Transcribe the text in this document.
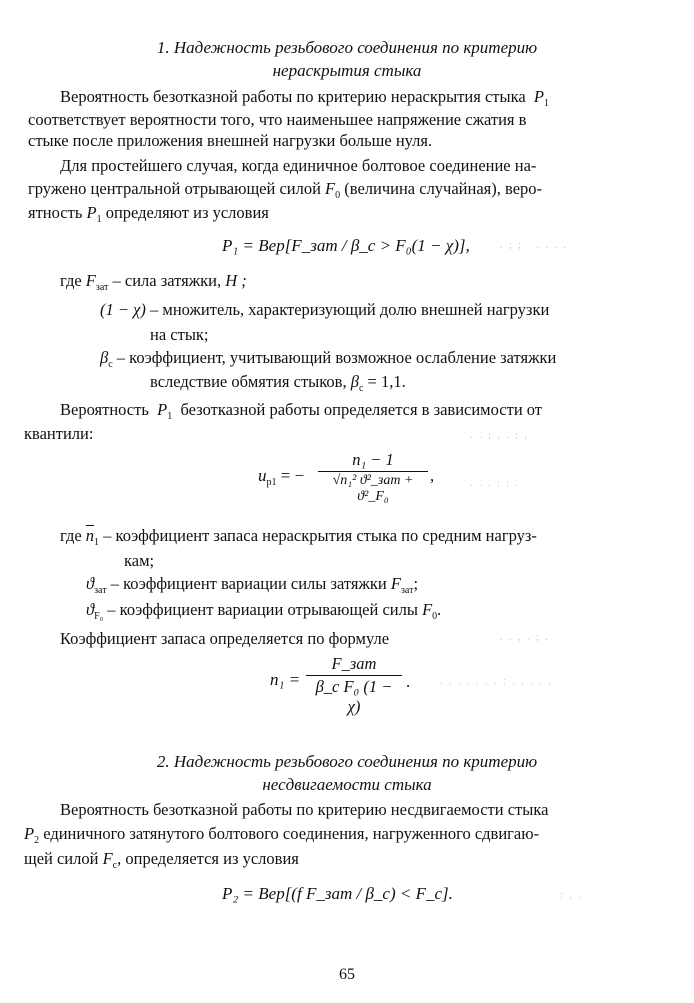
1. Надежность резьбового соединения по критерию
нераскрытия стыка
Вероятность безотказной работы по критерию нераскрытия стыка $P_1$
соответствует вероятности того, что наименьшее напряжение сжатия в
стыке после приложения внешней нагрузки больше нуля.
Для простейшего случая, когда единичное болтовое соединение на-
гружено центральной отрывающей силой $F_0$ (величина случайная), веро-
ятность $P_1$ определяют из условия
P₁ = Bep[F_зат / β_c > F₀(1 − χ)],	. ; ;   . . . .
где $F_{зат}$ – сила затяжки, Н ;
(1 − χ) – множитель, характеризующий долю внешней нагрузки
на стык;
$\beta_c$ – коэффициент, учитывающий возможное ослабление затяжки
вследствие обмятия стыков, $\beta_c = 1,1$.
Вероятность $P_1$ безотказной работы определяется в зависимости от
квантили:	. . ; , . ; ,
$u_{p1}$ = −
n₁ − 1
√n₁² ϑ²_зат + ϑ²_F₀
,	. . . : : .
где $\overline{n}_1$ – коэффициент запаса нераскрытия стыка по средним нагруз-
кам;
$ϑ_{зат}$ – коэффициент вариации силы затяжки $F_{зат}$;
$ϑ_{F_0}$ – коэффициент вариации отрывающей силы $F_0$.
Коэффициент запаса определяется по формуле	. . , . ; .
n₁ =
F_зат
β_c F₀ (1 − χ)
.	. . . . . . . : . . . . .
2. Надежность резьбового соединения по критерию
несдвигаемости стыка
Вероятность безотказной работы по критерию несдвигаемости стыка
$P_2$ единичного затянутого болтового соединения, нагруженного сдвигаю-
щей силой $F_c$, определяется из условия
P₂ = Bep[(f F_зат / β_c) < F_c].	: , .
65
